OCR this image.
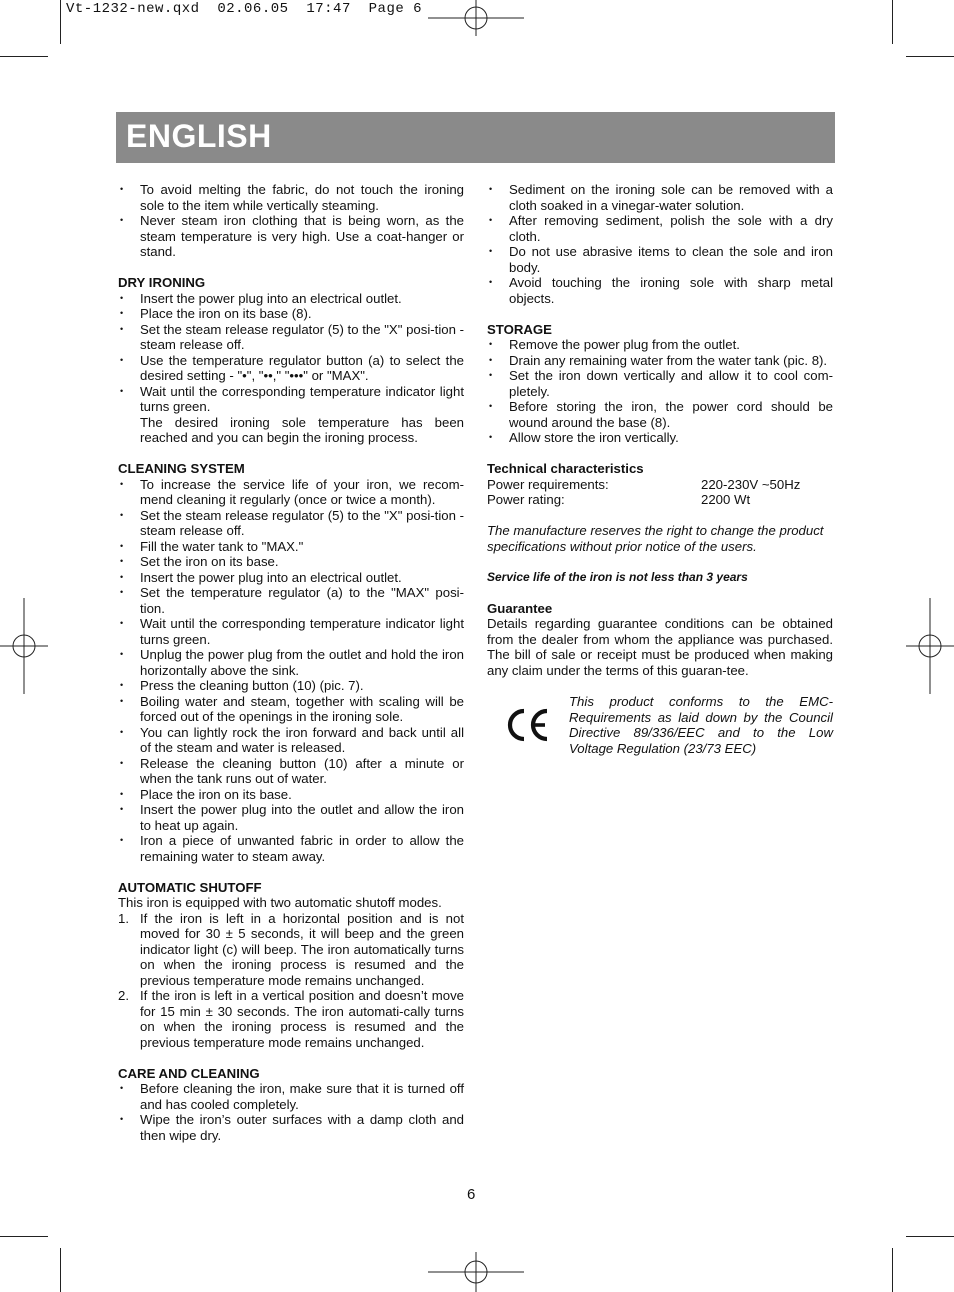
Vt-1232-new.qxd  02.06.05  17:47  Page 6
ENGLISH
• To avoid melting the fabric, do not touch the ironing sole to the item while vertically steaming.
• Never steam iron clothing that is being worn, as the steam temperature is very high. Use a coat-hanger or stand.
DRY IRONING
• Insert the power plug into an electrical outlet.
• Place the iron on its base (8).
• Set the steam release regulator (5) to the "X" posi-tion - steam release off.
• Use the temperature regulator button (a) to select the desired setting - "•", "••," "•••" or "MAX".
• Wait until the corresponding temperature indicator light turns green.

The desired ironing sole temperature has been reached and you can begin the ironing process.

CLEANING SYSTEM
• To increase the service life of your iron, we recom-mend cleaning it regularly (once or twice a month).
• Set the steam release regulator (5) to the "X" posi-tion - steam release off.
• Fill the water tank to "MAX."
• Set the iron on its base.
• Insert the power plug into an electrical outlet.
• Set the temperature regulator (a) to the "MAX" posi-tion.
• Wait until the corresponding temperature indicator light turns green.
• Unplug the power plug from the outlet and hold the iron horizontally above the sink.
• Press the cleaning button (10) (pic. 7).
• Boiling water and steam, together with scaling will be forced out of the openings in the ironing sole.
• You can lightly rock the iron forward and back until all of the steam and water is released.
• Release the cleaning button (10) after a minute or when the tank runs out of water.
• Place the iron on its base.
• Insert the power plug into the outlet and allow the iron to heat up again.
• Iron a piece of unwanted fabric in order to allow the remaining water to steam away.
AUTOMATIC SHUTOFF

This iron is equipped with two automatic shutoff modes.

1. If the iron is left in a horizontal position and is not moved for 30 ± 5 seconds, it will beep and the green indicator light (c) will beep. The iron automatically turns on when the ironing process is resumed and the previous temperature mode remains unchanged.
2. If the iron is left in a vertical position and doesn’t move for 15 min ± 30 seconds. The iron automati-cally turns on when the ironing process is resumed and the previous temperature mode remains unchanged.
CARE AND CLEANING
• Before cleaning the iron, make sure that it is turned off and has cooled completely.
• Wipe the iron’s outer surfaces with a damp cloth and then wipe dry.
• Sediment on the ironing sole can be removed with a cloth soaked in a vinegar-water solution.
• After removing sediment, polish the sole with a dry cloth.
• Do not use abrasive items to clean the sole and iron body.
• Avoid touching the ironing sole with sharp metal objects.
STORAGE
• Remove the power plug from the outlet.
• Drain any remaining water from the water tank (pic. 8).
• Set the iron down vertically and allow it to cool com-pletely.
• Before storing the iron, the power cord should be wound around the base (8).
• Allow store the iron vertically.
Technical characteristics
Power requirements:	220-230V ~50Hz
Power rating:	2200 Wt

The manufacture reserves the right to change the product specifications without prior notice of the users.

Service life of the iron is not less than 3 years

Guarantee

Details regarding guarantee conditions can be obtained from the dealer from whom the appliance was purchased. The bill of sale or receipt must be produced when making any claim under the terms of this guaran-tee.

CE
This product conforms to the EMC-Requirements as laid down by the Council Directive 89/336/EEC and to the Low Voltage Regulation (23/73 EEC)
6
